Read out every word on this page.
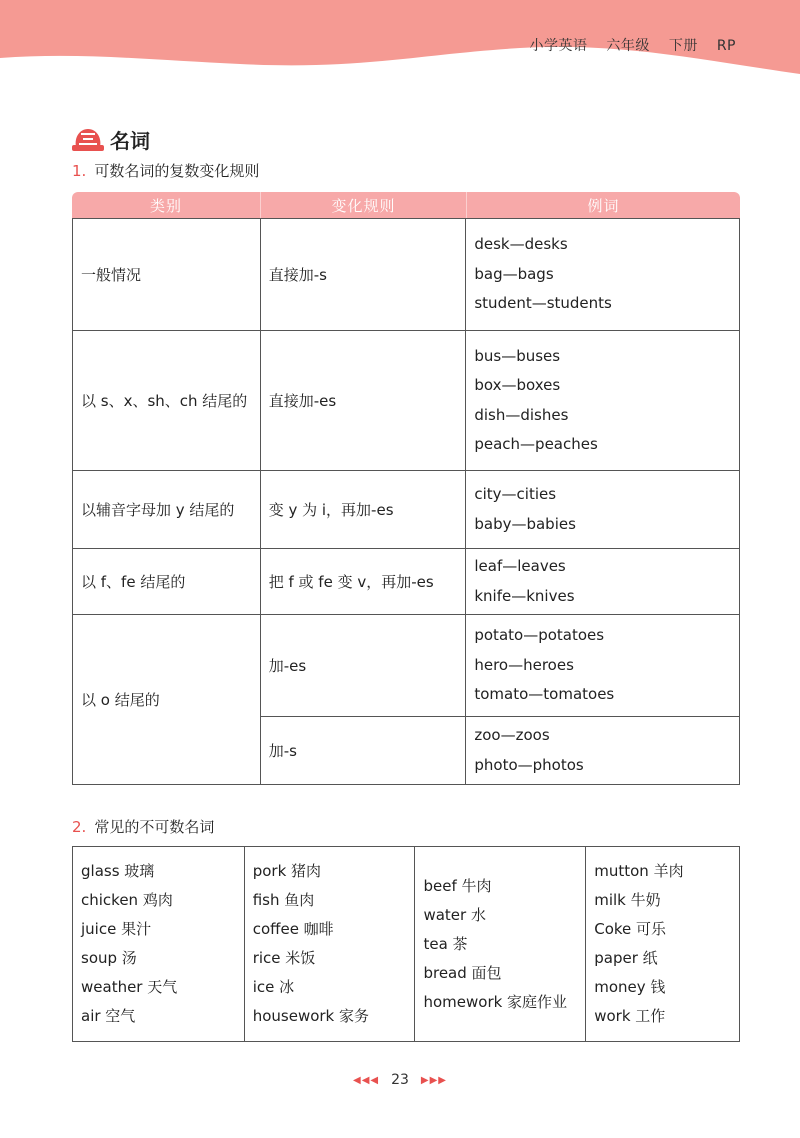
小学英语 六年级 下册 RP
名词
1. 可数名词的复数变化规则
类别	变化规则	例词
一般情况	直接加-s	desk—desks
bag—bags
student—students

以 s、x、sh、ch 结尾的	直接加-es	bus—buses
box—boxes
dish—dishes
peach—peaches

以辅音字母加 y 结尾的	变 y 为 i，再加-es	city—cities
baby—babies

以 f、fe 结尾的	把 f 或 fe 变 v，再加-es	leaf—leaves
knife—knives

以 o 结尾的	加-es	potato—potatoes
hero—heroes
tomato—tomatoes

	加-s	zoo—zoos
photo—photos
2. 常见的不可数名词
glass 玻璃
chicken 鸡肉
juice 果汁
soup 汤
weather 天气
air 空气

pork 猪肉
fish 鱼肉
coffee 咖啡
rice 米饭
ice 冰
housework 家务

beef 牛肉
water 水
tea 茶
bread 面包
homework 家庭作业

mutton 羊肉
milk 牛奶
Coke 可乐
paper 纸
money 钱
work 工作
◀◀◀ 23 ▶▶▶
